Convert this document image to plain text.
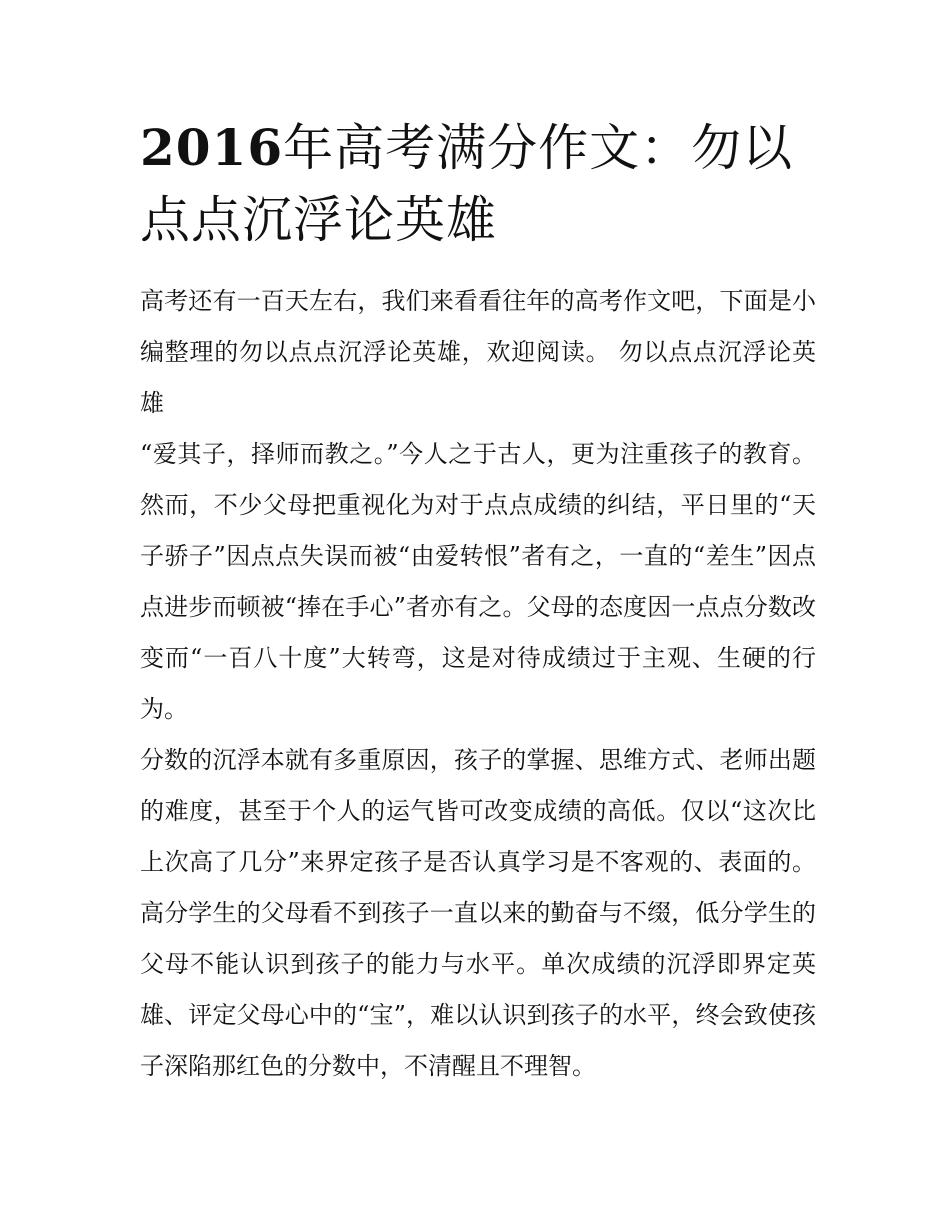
2016年高考满分作文：勿以点点沉浮论英雄

高考还有一百天左右，我们来看看往年的高考作文吧，下面是小编整理的勿以点点沉浮论英雄，欢迎阅读。 勿以点点沉浮论英雄

“爱其子，择师而教之。”今人之于古人，更为注重孩子的教育。然而，不少父母把重视化为对于点点成绩的纠结，平日里的“天子骄子”因点点失误而被“由爱转恨”者有之，一直的“差生”因点点进步而顿被“捧在手心”者亦有之。父母的态度因一点点分数改变而“一百八十度”大转弯，这是对待成绩过于主观、生硬的行为。

分数的沉浮本就有多重原因，孩子的掌握、思维方式、老师出题的难度，甚至于个人的运气皆可改变成绩的高低。仅以“这次比上次高了几分”来界定孩子是否认真学习是不客观的、表面的。高分学生的父母看不到孩子一直以来的勤奋与不缀，低分学生的父母不能认识到孩子的能力与水平。单次成绩的沉浮即界定英雄、评定父母心中的“宝”，难以认识到孩子的水平，终会致使孩子深陷那红色的分数中，不清醒且不理智。
